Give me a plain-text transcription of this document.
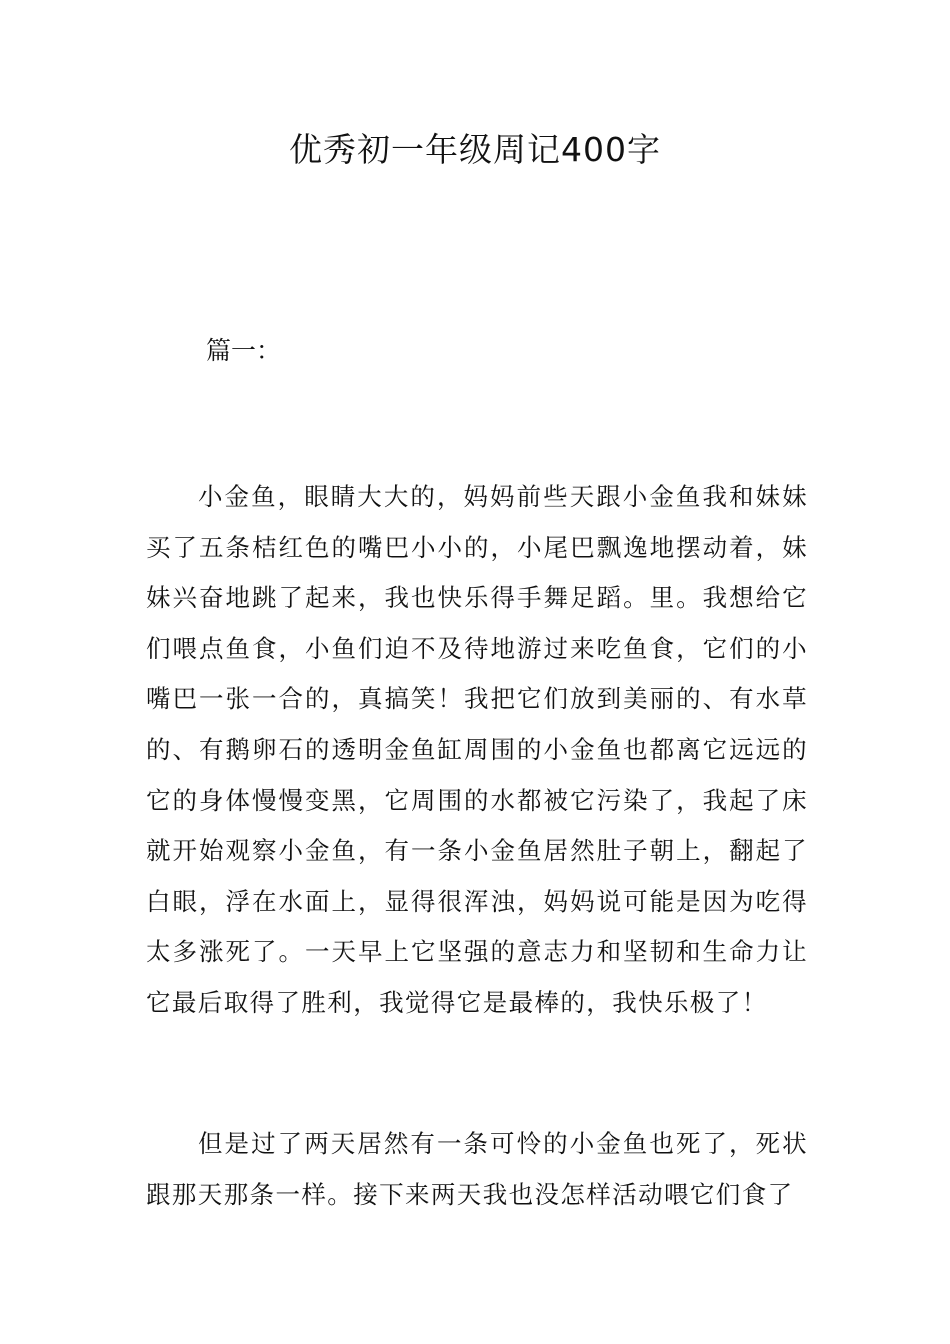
优秀初一年级周记400字
篇一：

小金鱼，眼睛大大的，妈妈前些天跟小金鱼我和妹妹买了五条桔红色的嘴巴小小的，小尾巴飘逸地摆动着，妹妹兴奋地跳了起来，我也快乐得手舞足蹈。里。我想给它们喂点鱼食，小鱼们迫不及待地游过来吃鱼食，它们的小嘴巴一张一合的，真搞笑！我把它们放到美丽的、有水草的、有鹅卵石的透明金鱼缸周围的小金鱼也都离它远远的它的身体慢慢变黑，它周围的水都被它污染了，我起了床就开始观察小金鱼，有一条小金鱼居然肚子朝上，翻起了白眼，浮在水面上，显得很浑浊，妈妈说可能是因为吃得太多涨死了。一天早上它坚强的意志力和坚韧和生命力让它最后取得了胜利，我觉得它是最棒的，我快乐极了！

但是过了两天居然有一条可怜的小金鱼也死了，死状跟那天那条一样。接下来两天我也没怎样活动喂它们食了
